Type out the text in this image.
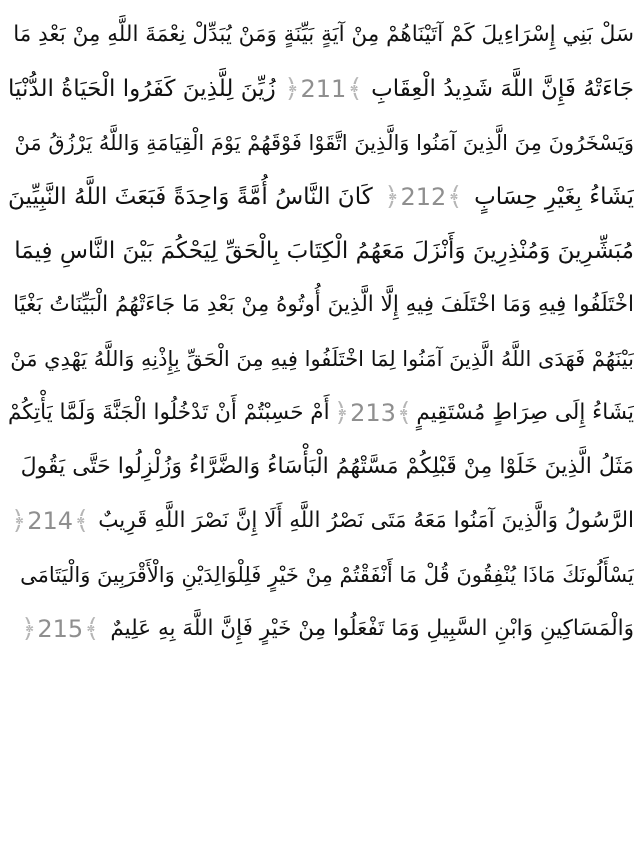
سَلْ بَنِي إِسْرَاءِيلَ كَمْ آتَيْنَاهُمْ مِنْ آيَةٍ بَيِّنَةٍ وَمَنْ يُبَدِّلْ نِعْمَةَ اللَّهِ مِنْ بَعْدِ مَا
جَاءَتْهُ فَإِنَّ اللَّهَ شَدِيدُ الْعِقَابِ
﴿ 211 ﴾
زُيِّنَ لِلَّذِينَ كَفَرُوا الْحَيَاةُ الدُّنْيَا
وَيَسْخَرُونَ مِنَ الَّذِينَ آمَنُوا وَالَّذِينَ اتَّقَوْا فَوْقَهُمْ يَوْمَ الْقِيَامَةِ وَاللَّهُ يَرْزُقُ مَنْ
يَشَاءُ بِغَيْرِ حِسَابٍ
﴿ 212 ﴾
كَانَ النَّاسُ أُمَّةً وَاحِدَةً فَبَعَثَ اللَّهُ النَّبِيِّينَ
مُبَشِّرِينَ وَمُنْذِرِينَ وَأَنْزَلَ مَعَهُمُ الْكِتَابَ بِالْحَقِّ لِيَحْكُمَ بَيْنَ النَّاسِ فِيمَا
اخْتَلَفُوا فِيهِ وَمَا اخْتَلَفَ فِيهِ إِلَّا الَّذِينَ أُوتُوهُ مِنْ بَعْدِ مَا جَاءَتْهُمُ الْبَيِّنَاتُ بَغْيًا
بَيْنَهُمْ فَهَدَى اللَّهُ الَّذِينَ آمَنُوا لِمَا اخْتَلَفُوا فِيهِ مِنَ الْحَقِّ بِإِذْنِهِ وَاللَّهُ يَهْدِي مَنْ
يَشَاءُ إِلَى صِرَاطٍ مُسْتَقِيمٍ
﴿ 213 ﴾
أَمْ حَسِبْتُمْ أَنْ تَدْخُلُوا الْجَنَّةَ وَلَمَّا يَأْتِكُمْ
مَثَلُ الَّذِينَ خَلَوْا مِنْ قَبْلِكُمْ مَسَّتْهُمُ الْبَأْسَاءُ وَالضَّرَّاءُ وَزُلْزِلُوا حَتَّى يَقُولَ
الرَّسُولُ وَالَّذِينَ آمَنُوا مَعَهُ مَتَى نَصْرُ اللَّهِ أَلَا إِنَّ نَصْرَ اللَّهِ قَرِيبٌ
﴿ 214 ﴾
يَسْأَلُونَكَ مَاذَا يُنْفِقُونَ قُلْ مَا أَنْفَقْتُمْ مِنْ خَيْرٍ فَلِلْوَالِدَيْنِ وَالْأَقْرَبِينَ وَالْيَتَامَى
وَالْمَسَاكِينِ وَابْنِ السَّبِيلِ وَمَا تَفْعَلُوا مِنْ خَيْرٍ فَإِنَّ اللَّهَ بِهِ عَلِيمٌ
﴿ 215 ﴾
